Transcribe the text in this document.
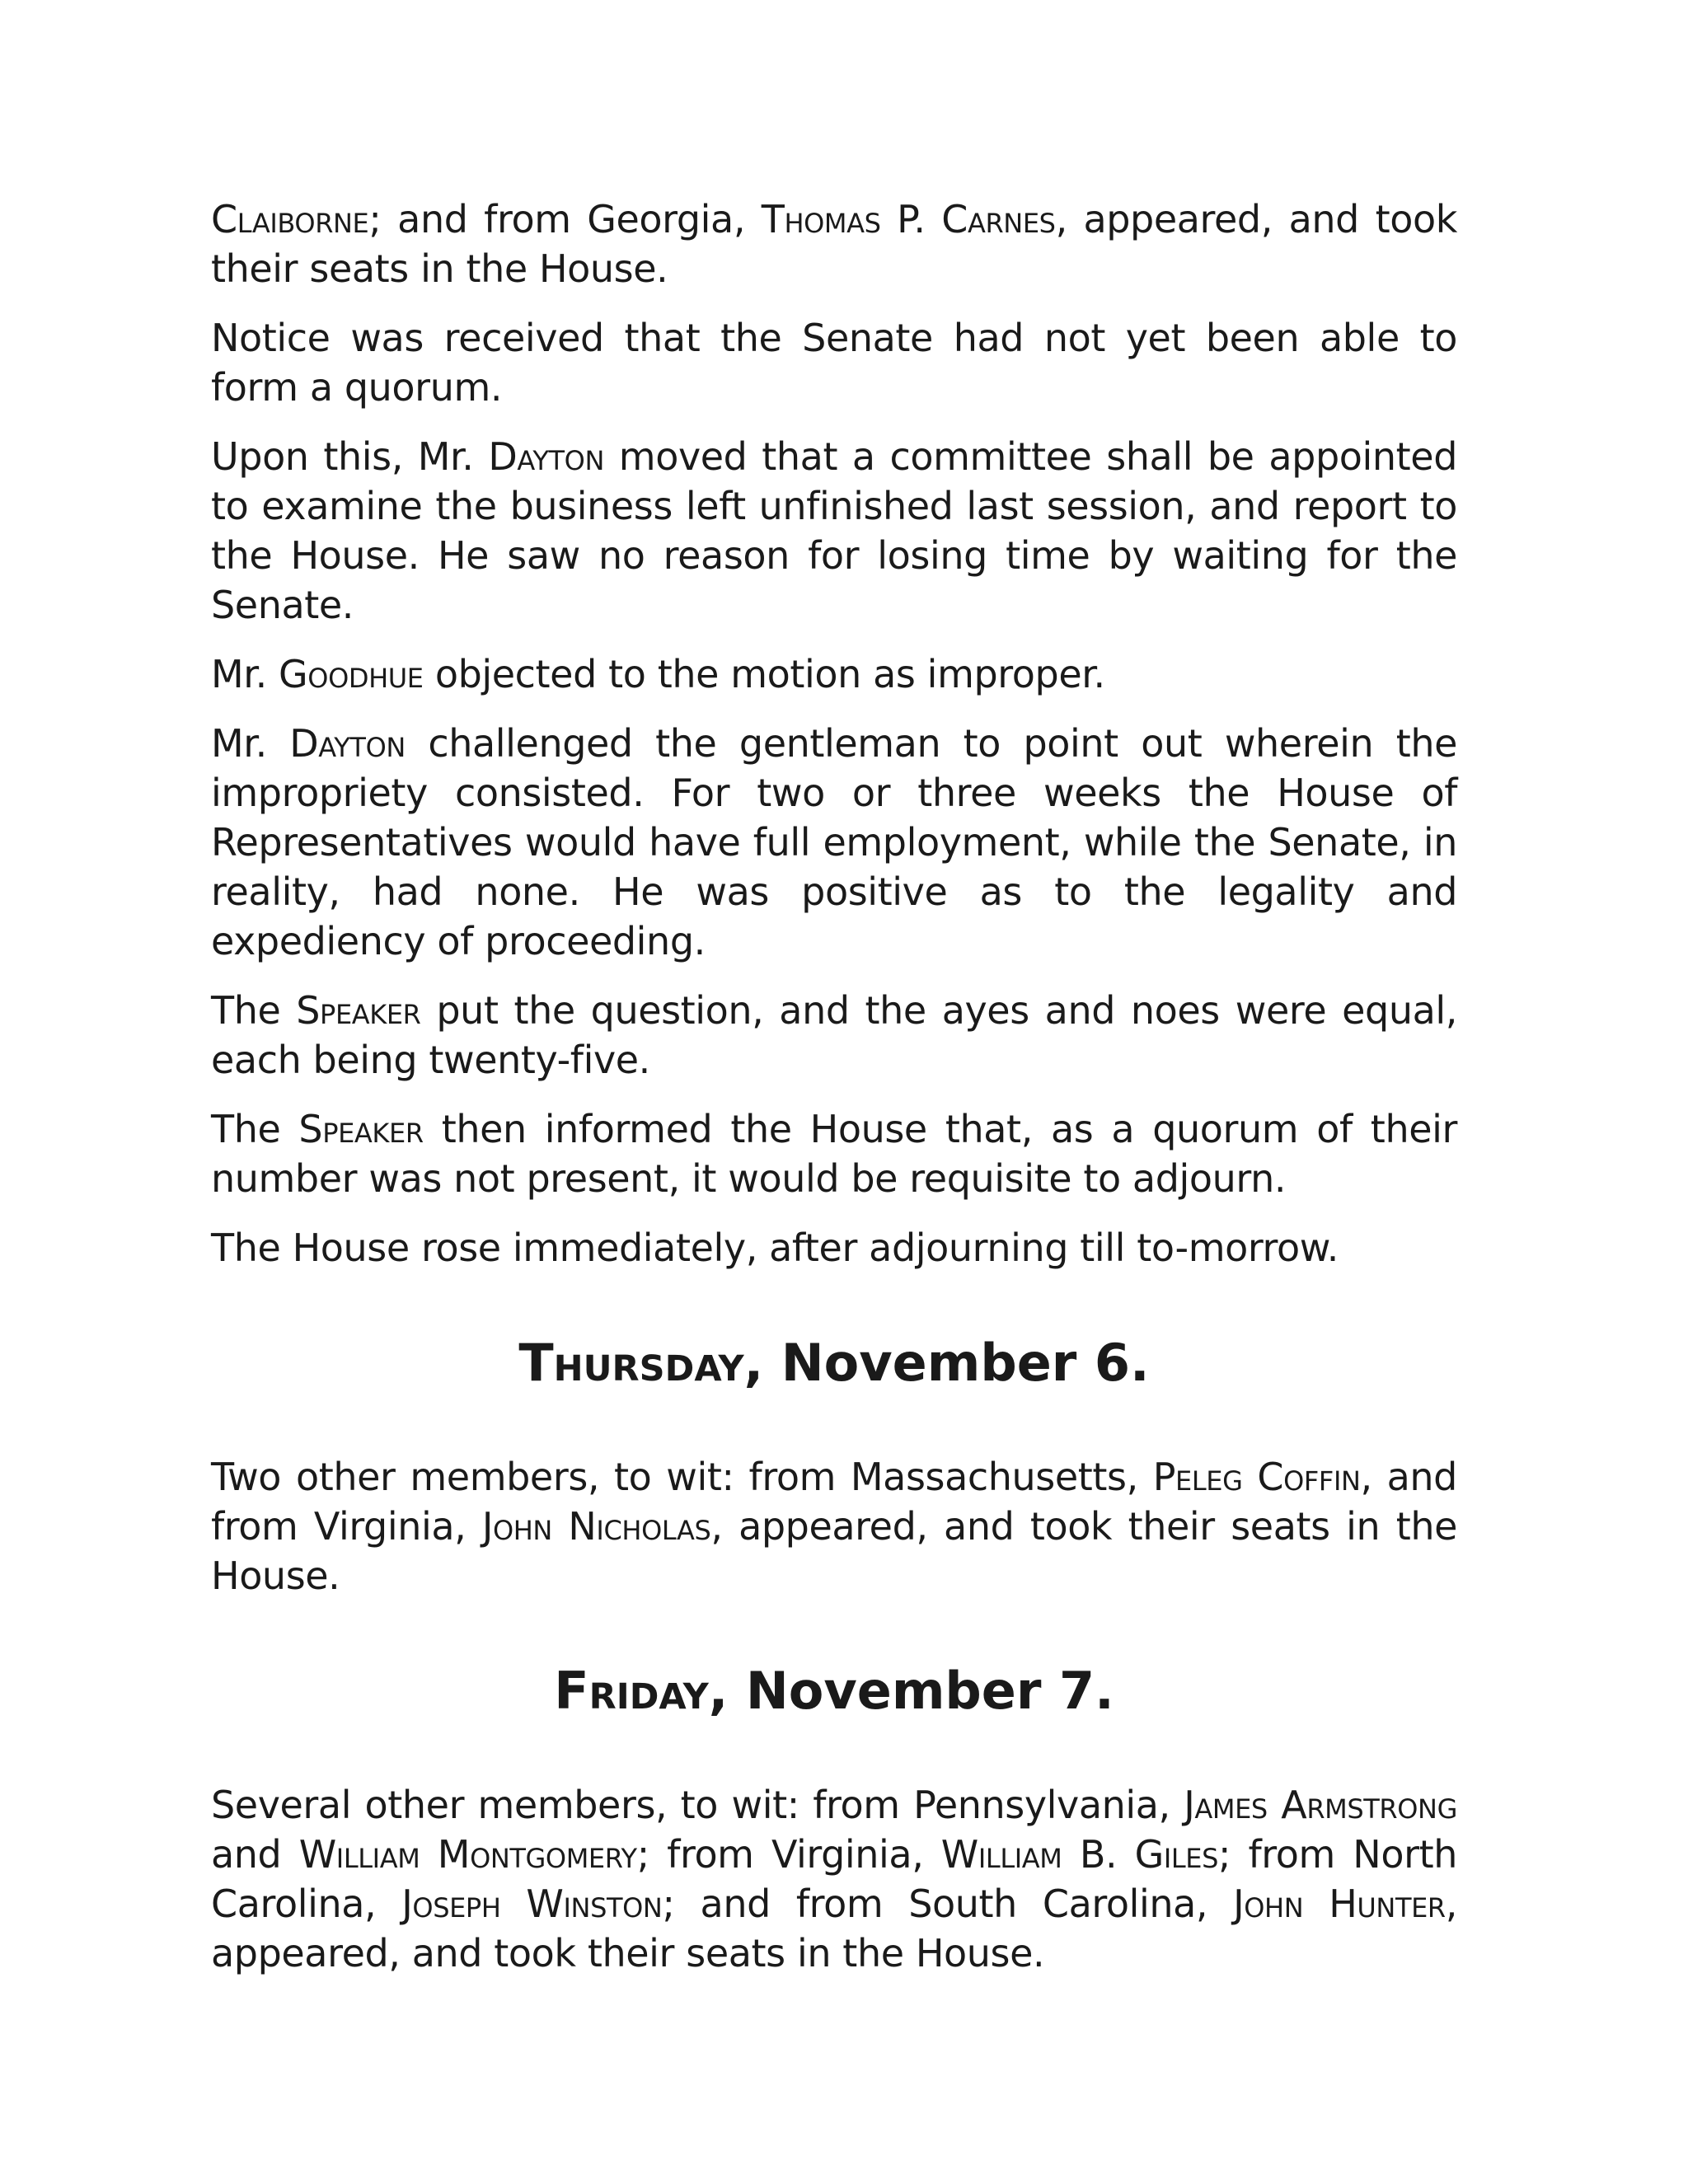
Claiborne; and from Georgia, Thomas P. Carnes, appeared, and took their seats in the House.

Notice was received that the Senate had not yet been able to form a quorum.

Upon this, Mr. Dayton moved that a committee shall be appointed to examine the business left unfinished last session, and report to the House. He saw no reason for losing time by waiting for the Senate.

Mr. Goodhue objected to the motion as improper.

Mr. Dayton challenged the gentleman to point out wherein the impropriety consisted. For two or three weeks the House of Representatives would have full employment, while the Senate, in reality, had none. He was positive as to the legality and expediency of proceeding.

The Speaker put the question, and the ayes and noes were equal, each being twenty-five.

The Speaker then informed the House that, as a quorum of their number was not present, it would be requisite to adjourn.

The House rose immediately, after adjourning till to-morrow.

Thursday, November 6.

Two other members, to wit: from Massachusetts, Peleg Coffin, and from Virginia, John Nicholas, appeared, and took their seats in the House.

Friday, November 7.

Several other members, to wit: from Pennsylvania, James Armstrong and William Montgomery; from Virginia, William B. Giles; from North Carolina, Joseph Winston; and from South Carolina, John Hunter, appeared, and took their seats in the House.
